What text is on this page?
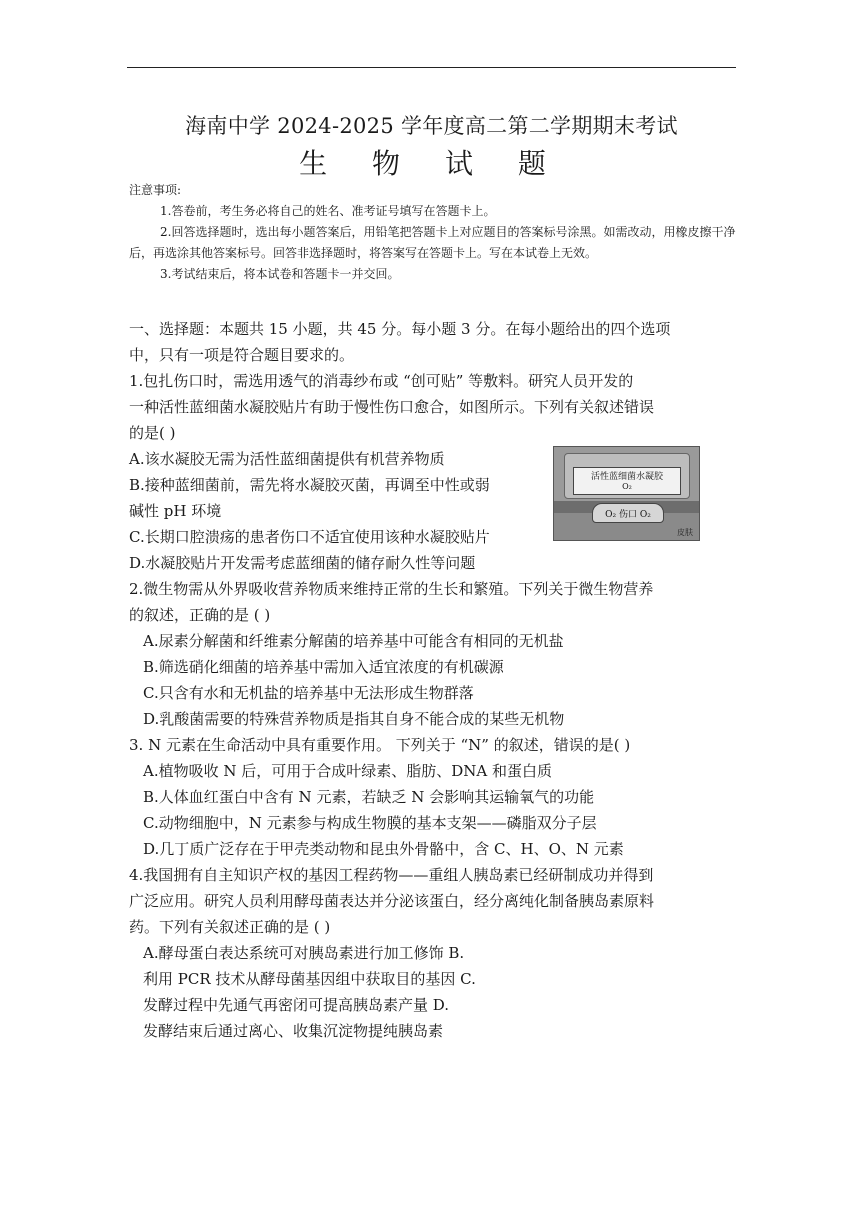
海南中学 2024-2025 学年度高二第二学期期末考试
生 物 试 题
注意事项:
1.答卷前，考生务必将自己的姓名、准考证号填写在答题卡上。
2.回答选择题时，选出每小题答案后，用铅笔把答题卡上对应题目的答案标号涂黑。如需改动，用橡皮擦干净后，再选涂其他答案标号。回答非选择题时，将答案写在答题卡上。写在本试卷上无效。
3.考试结束后，将本试卷和答题卡一并交回。
一、选择题：本题共 15 小题，共 45 分。每小题 3 分。在每小题给出的四个选项
中，只有一项是符合题目要求的。
1.包扎伤口时，需选用透气的消毒纱布或 “创可贴” 等敷料。研究人员开发的
一种活性蓝细菌水凝胶贴片有助于慢性伤口愈合，如图所示。下列有关叙述错误
的是( )
A.该水凝胶无需为活性蓝细菌提供有机营养物质
B.接种蓝细菌前，需先将水凝胶灭菌，再调至中性或弱
碱性 pH 环境
C.长期口腔溃疡的患者伤口不适宜使用该种水凝胶贴片
D.水凝胶贴片开发需考虑蓝细菌的储存耐久性等问题
2.微生物需从外界吸收营养物质来维持正常的生长和繁殖。下列关于微生物营养
的叙述，正确的是 ( )
A.尿素分解菌和纤维素分解菌的培养基中可能含有相同的无机盐
B.筛选硝化细菌的培养基中需加入适宜浓度的有机碳源
C.只含有水和无机盐的培养基中无法形成生物群落
D.乳酸菌需要的特殊营养物质是指其自身不能合成的某些无机物
3. N 元素在生命活动中具有重要作用。 下列关于 “N” 的叙述，错误的是( )
A.植物吸收 N 后，可用于合成叶绿素、脂肪、DNA 和蛋白质
B.人体血红蛋白中含有 N 元素，若缺乏 N 会影响其运输氧气的功能
C.动物细胞中，N 元素参与构成生物膜的基本支架——磷脂双分子层
D.几丁质广泛存在于甲壳类动物和昆虫外骨骼中，含 C、H、O、N 元素
4.我国拥有自主知识产权的基因工程药物——重组人胰岛素已经研制成功并得到
广泛应用。研究人员利用酵母菌表达并分泌该蛋白，经分离纯化制备胰岛素原料
药。下列有关叙述正确的是 ( )
A.酵母蛋白表达系统可对胰岛素进行加工修饰 B.
利用 PCR 技术从酵母菌基因组中获取目的基因 C.
发酵过程中先通气再密闭可提高胰岛素产量 D.
发酵结束后通过离心、收集沉淀物提纯胰岛素
活性蓝细菌水凝胶
O₂
O₂ 伤口 O₂
皮肤
